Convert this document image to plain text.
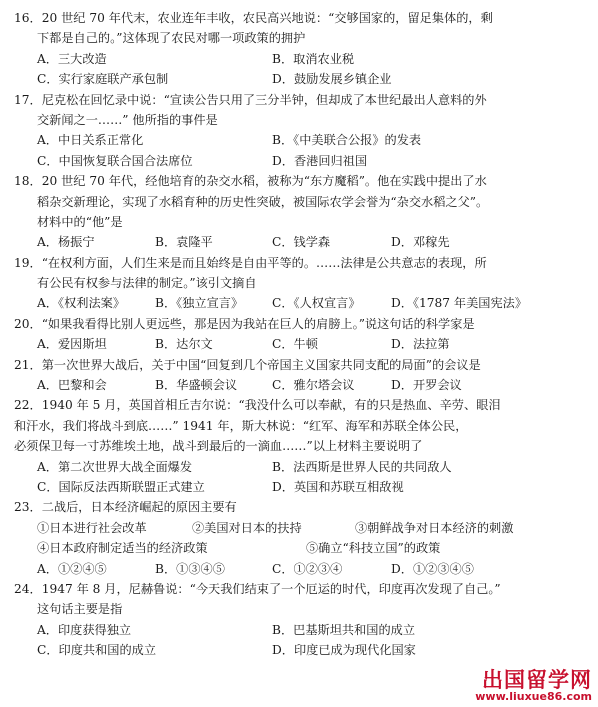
16．20 世纪 70 年代末，农业连年丰收，农民高兴地说：“交够国家的，留足集体的，剩
下都是自己的。”这体现了农民对哪一项政策的拥护
A．三大改造	B．取消农业税
C．实行家庭联产承包制	D．鼓励发展乡镇企业
17．尼克松在回忆录中说：“宣读公告只用了三分半钟，但却成了本世纪最出人意料的外
交新闻之一……” 他所指的事件是
A．中日关系正常化	B．《中美联合公报》的发表
C．中国恢复联合国合法席位	D．香港回归祖国
18．20 世纪 70 年代，经他培育的杂交水稻，被称为“东方魔稻”。他在实践中提出了水
稻杂交新理论，实现了水稻育种的历史性突破，被国际农学会誉为“杂交水稻之父”。
材料中的“他”是
A．杨振宁	B．袁隆平	C．钱学森	D．邓稼先
19．“在权利方面，人们生来是而且始终是自由平等的。……法律是公共意志的表现，所
有公民有权参与法律的制定。”该引文摘自
A．《权利法案》 B．《独立宣言》 C．《人权宣言》 D．《1787 年美国宪法》
20．“如果我看得比别人更远些，那是因为我站在巨人的肩膀上。”说这句话的科学家是
A．爱因斯坦	B．达尔文	C．牛顿	D．法拉第
21．第一次世界大战后，关于中国“回复到几个帝国主义国家共同支配的局面”的会议是
A．巴黎和会	B．华盛顿会议	C．雅尔塔会议	D．开罗会议
22．1940 年 5 月，英国首相丘吉尔说：“我没什么可以奉献，有的只是热血、辛劳、眼泪
和汗水，我们将战斗到底……” 1941 年，斯大林说：“红军、海军和苏联全体公民，
必须保卫每一寸苏维埃土地，战斗到最后的一滴血……”以上材料主要说明了
A．第二次世界大战全面爆发	B．法西斯是世界人民的共同敌人
C．国际反法西斯联盟正式建立	D．英国和苏联互相敌视
23．二战后，日本经济崛起的原因主要有
①日本进行社会改革	②美国对日本的扶持	③朝鲜战争对日本经济的刺激
④日本政府制定适当的经济政策	⑤确立“科技立国”的政策
A．①②④⑤	B．①③④⑤	C．①②③④	D．①②③④⑤
24．1947 年 8 月，尼赫鲁说：“今天我们结束了一个厄运的时代，印度再次发现了自己。”
这句话主要是指
A．印度获得独立	B．巴基斯坦共和国的成立
C．印度共和国的成立	D．印度已成为现代化国家
出国留学网
www.liuxue86.com
